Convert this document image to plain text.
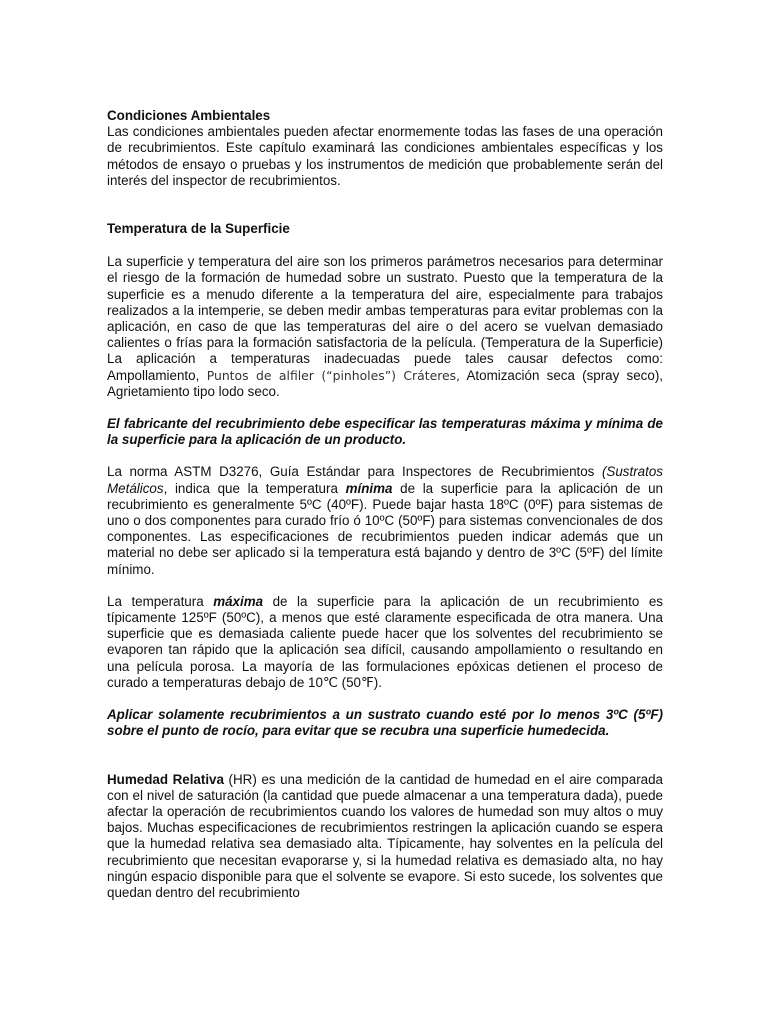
Condiciones Ambientales

Las condiciones ambientales pueden afectar enormemente todas las fases de una operación de recubrimientos. Este capítulo examinará las condiciones ambientales específicas y los métodos de ensayo o pruebas y los instrumentos de medición que probablemente serán del interés del inspector de recubrimientos.

Temperatura de la Superficie

La superficie y temperatura del aire son los primeros parámetros necesarios para determinar el riesgo de la formación de humedad sobre un sustrato. Puesto que la temperatura de la superficie es a menudo diferente a la temperatura del aire, especialmente para trabajos realizados a la intemperie, se deben medir ambas temperaturas para evitar problemas con la aplicación, en caso de que las temperaturas del aire o del acero se vuelvan demasiado calientes o frías para la formación satisfactoria de la película. (Temperatura de la Superficie) La aplicación a temperaturas inadecuadas puede tales causar defectos como: Ampollamiento, Puntos de alfiler (“pinholes”) Cráteres, Atomización seca (spray seco), Agrietamiento tipo lodo seco.

El fabricante del recubrimiento debe especificar las temperaturas máxima y mínima de la superficie para la aplicación de un producto.

La norma ASTM D3276, Guía Estándar para Inspectores de Recubrimientos (Sustratos Metálicos, indica que la temperatura mínima de la superficie para la aplicación de un recubrimiento es generalmente 5ºC (40ºF). Puede bajar hasta 18ºC (0ºF) para sistemas de uno o dos componentes para curado frío ó 10ºC (50ºF) para sistemas convencionales de dos componentes. Las especificaciones de recubrimientos pueden indicar además que un material no debe ser aplicado si la temperatura está bajando y dentro de 3ºC (5ºF) del límite mínimo.

La temperatura máxima de la superficie para la aplicación de un recubrimiento es típicamente 125ºF (50ºC), a menos que esté claramente especificada de otra manera. Una superficie que es demasiada caliente puede hacer que los solventes del recubrimiento se evaporen tan rápido que la aplicación sea difícil, causando ampollamiento o resultando en una película porosa. La mayoría de las formulaciones epóxicas detienen el proceso de curado a temperaturas debajo de 10℃ (50℉).

Aplicar solamente recubrimientos a un sustrato cuando esté por lo menos 3ºC (5ºF) sobre el punto de rocío, para evitar que se recubra una superficie humedecida.

Humedad Relativa (HR) es una medición de la cantidad de humedad en el aire comparada con el nivel de saturación (la cantidad que puede almacenar a una temperatura dada), puede afectar la operación de recubrimientos cuando los valores de humedad son muy altos o muy bajos. Muchas especificaciones de recubrimientos restringen la aplicación cuando se espera que la humedad relativa sea demasiado alta. Típicamente, hay solventes en la película del recubrimiento que necesitan evaporarse y, si la humedad relativa es demasiado alta, no hay ningún espacio disponible para que el solvente se evapore. Si esto sucede, los solventes que quedan dentro del recubrimiento
